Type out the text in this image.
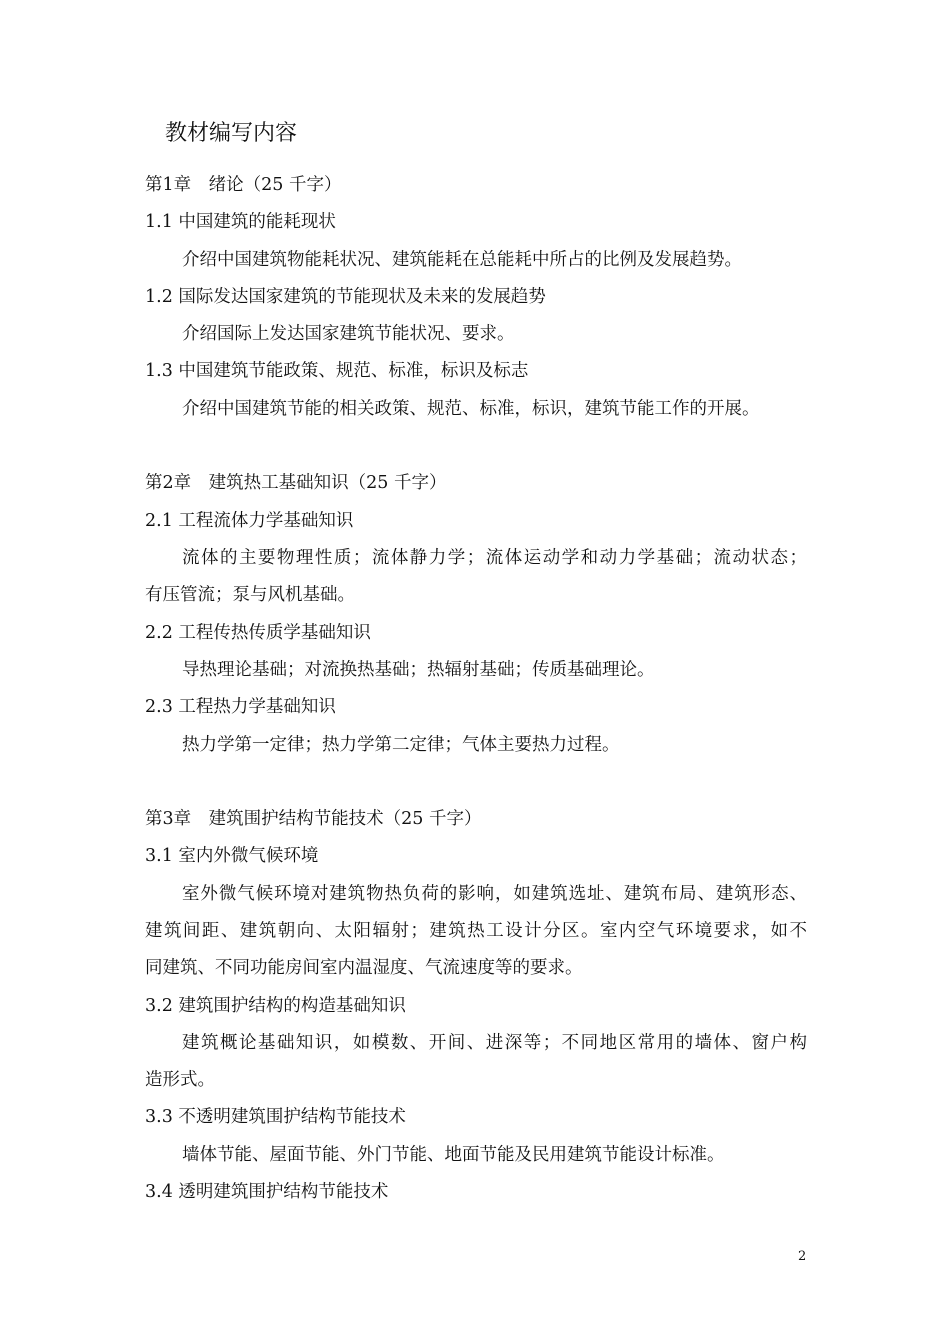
教材编写内容
第1章　绪论（25 千字）
1.1 中国建筑的能耗现状
介绍中国建筑物能耗状况、建筑能耗在总能耗中所占的比例及发展趋势。
1.2 国际发达国家建筑的节能现状及未来的发展趋势
介绍国际上发达国家建筑节能状况、要求。
1.3 中国建筑节能政策、规范、标准，标识及标志
介绍中国建筑节能的相关政策、规范、标准，标识，建筑节能工作的开展。
第2章　建筑热工基础知识（25 千字）
2.1 工程流体力学基础知识
流体的主要物理性质；流体静力学；流体运动学和动力学基础；流动状态；
有压管流；泵与风机基础。
2.2 工程传热传质学基础知识
导热理论基础；对流换热基础；热辐射基础；传质基础理论。
2.3 工程热力学基础知识
热力学第一定律；热力学第二定律；气体主要热力过程。
第3章　建筑围护结构节能技术（25 千字）
3.1 室内外微气候环境
室外微气候环境对建筑物热负荷的影响，如建筑选址、建筑布局、建筑形态、
建筑间距、建筑朝向、太阳辐射；建筑热工设计分区。室内空气环境要求，如不
同建筑、不同功能房间室内温湿度、气流速度等的要求。
3.2 建筑围护结构的构造基础知识
建筑概论基础知识，如模数、开间、进深等；不同地区常用的墙体、窗户构
造形式。
3.3 不透明建筑围护结构节能技术
墙体节能、屋面节能、外门节能、地面节能及民用建筑节能设计标准。
3.4 透明建筑围护结构节能技术
2
